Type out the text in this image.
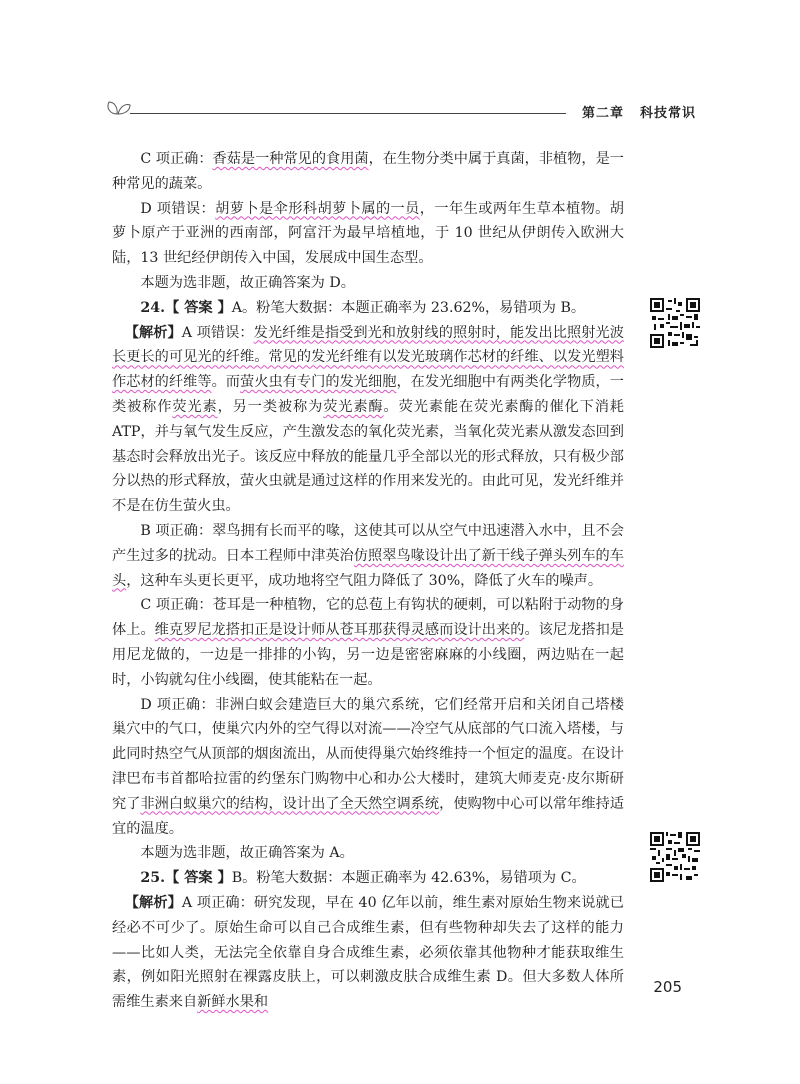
第二章 科技常识

C 项正确：香菇是一种常见的食用菌，在生物分类中属于真菌，非植物，是一种常见的蔬菜。

D 项错误：胡萝卜是伞形科胡萝卜属的一员，一年生或两年生草本植物。胡萝卜原产于亚洲的西南部，阿富汗为最早培植地，于 10 世纪从伊朗传入欧洲大陆，13 世纪经伊朗传入中国，发展成中国生态型。

本题为选非题，故正确答案为 D。

24.【 答案 】A。粉笔大数据：本题正确率为 23.62%，易错项为 B。

【解析】A 项错误：发光纤维是指受到光和放射线的照射时，能发出比照射光波长更长的可见光的纤维。常见的发光纤维有以发光玻璃作芯材的纤维、以发光塑料作芯材的纤维等。而萤火虫有专门的发光细胞，在发光细胞中有两类化学物质，一类被称作荧光素，另一类被称为荧光素酶。荧光素能在荧光素酶的催化下消耗 ATP，并与氧气发生反应，产生激发态的氧化荧光素，当氧化荧光素从激发态回到基态时会释放出光子。该反应中释放的能量几乎全部以光的形式释放，只有极少部分以热的形式释放，萤火虫就是通过这样的作用来发光的。由此可见，发光纤维并不是在仿生萤火虫。

B 项正确：翠鸟拥有长而平的喙，这使其可以从空气中迅速潜入水中，且不会产生过多的扰动。日本工程师中津英治仿照翠鸟喙设计出了新干线子弹头列车的车头，这种车头更长更平，成功地将空气阻力降低了 30%，降低了火车的噪声。

C 项正确：苍耳是一种植物，它的总苞上有钩状的硬刺，可以粘附于动物的身体上。维克罗尼龙搭扣正是设计师从苍耳那获得灵感而设计出来的。该尼龙搭扣是用尼龙做的，一边是一排排的小钩，另一边是密密麻麻的小线圈，两边贴在一起时，小钩就勾住小线圈，使其能粘在一起。

D 项正确：非洲白蚁会建造巨大的巢穴系统，它们经常开启和关闭自己塔楼巢穴中的气口，使巢穴内外的空气得以对流——冷空气从底部的气口流入塔楼，与此同时热空气从顶部的烟囱流出，从而使得巢穴始终维持一个恒定的温度。在设计津巴布韦首都哈拉雷的约堡东门购物中心和办公大楼时，建筑大师麦克·皮尔斯研究了非洲白蚁巢穴的结构，设计出了全天然空调系统，使购物中心可以常年维持适宜的温度。

本题为选非题，故正确答案为 A。

25.【 答案 】B。粉笔大数据：本题正确率为 42.63%，易错项为 C。

【解析】A 项正确：研究发现，早在 40 亿年以前，维生素对原始生物来说就已经必不可少了。原始生命可以自己合成维生素，但有些物种却失去了这样的能力——比如人类，无法完全依靠自身合成维生素，必须依靠其他物种才能获取维生素，例如阳光照射在裸露皮肤上，可以刺激皮肤合成维生素 D。但大多数人体所需维生素来自新鲜水果和

205
